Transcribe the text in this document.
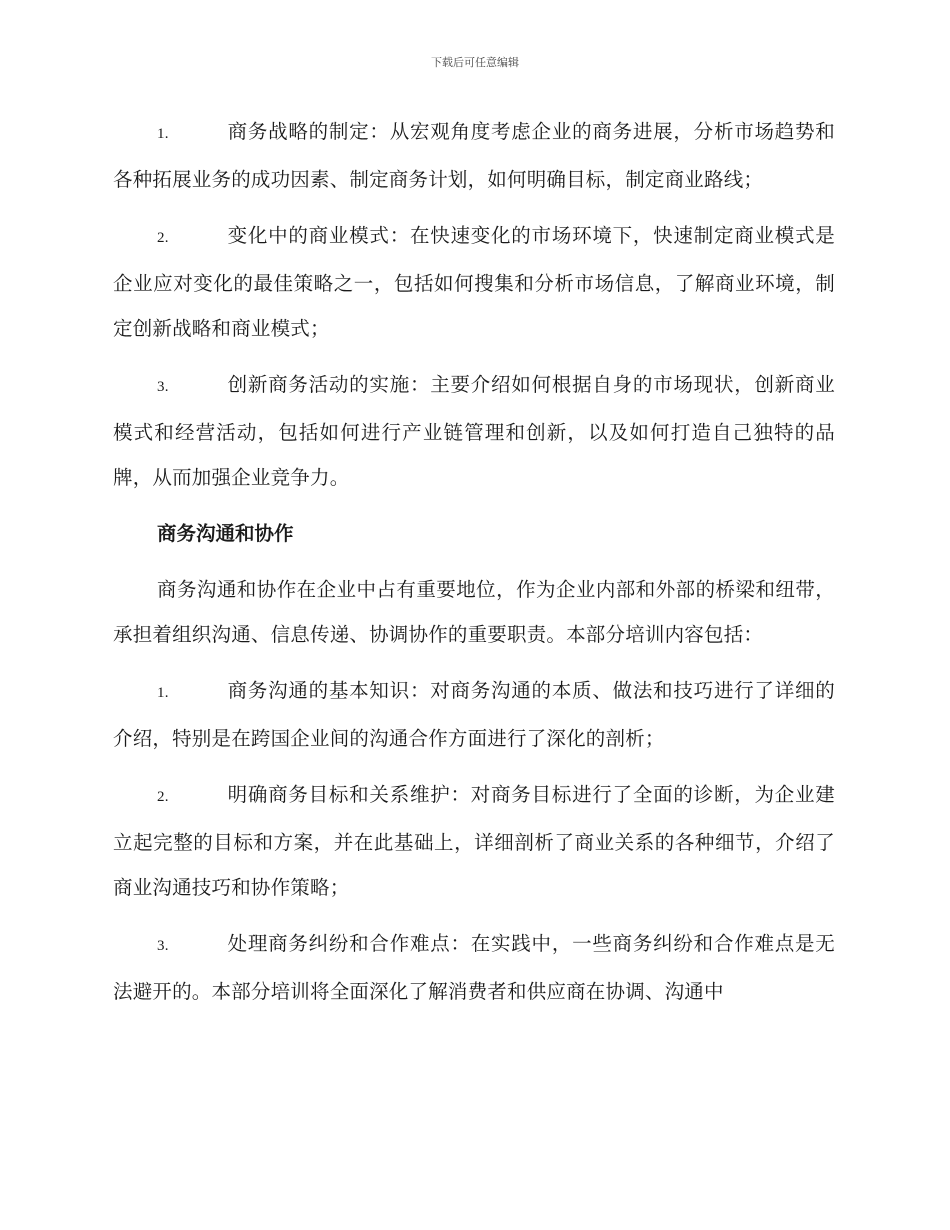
下载后可任意编辑

1.	商务战略的制定：从宏观角度考虑企业的商务进展，分析市场趋势和各种拓展业务的成功因素、制定商务计划，如何明确目标，制定商业路线；

2.	变化中的商业模式：在快速变化的市场环境下，快速制定商业模式是企业应对变化的最佳策略之一，包括如何搜集和分析市场信息，了解商业环境，制定创新战略和商业模式；

3.	创新商务活动的实施：主要介绍如何根据自身的市场现状，创新商业模式和经营活动，包括如何进行产业链管理和创新，以及如何打造自己独特的品牌，从而加强企业竞争力。

商务沟通和协作

商务沟通和协作在企业中占有重要地位，作为企业内部和外部的桥梁和纽带，承担着组织沟通、信息传递、协调协作的重要职责。本部分培训内容包括：

1.	商务沟通的基本知识：对商务沟通的本质、做法和技巧进行了详细的介绍，特别是在跨国企业间的沟通合作方面进行了深化的剖析；

2.	明确商务目标和关系维护：对商务目标进行了全面的诊断，为企业建立起完整的目标和方案，并在此基础上，详细剖析了商业关系的各种细节，介绍了商业沟通技巧和协作策略；

3.	处理商务纠纷和合作难点：在实践中，一些商务纠纷和合作难点是无法避开的。本部分培训将全面深化了解消费者和供应商在协调、沟通中
